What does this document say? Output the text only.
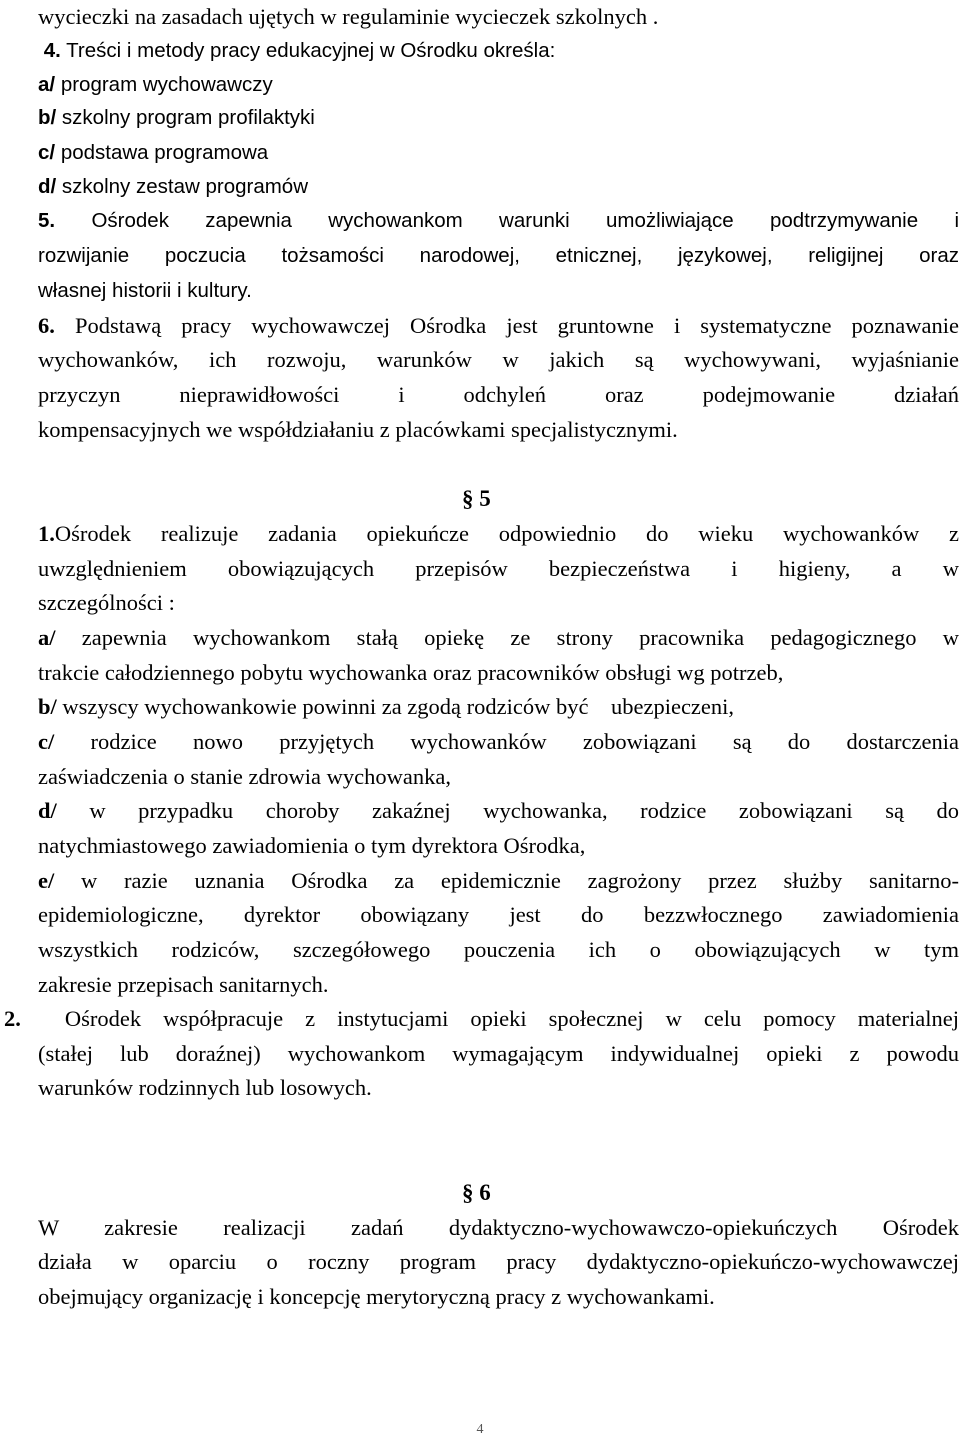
wycieczki na zasadach ujętych w regulaminie wycieczek szkolnych .
4. Treści i metody pracy edukacyjnej w Ośrodku określa:
a/ program wychowawczy
b/ szkolny program profilaktyki
c/ podstawa programowa
d/ szkolny zestaw programów
5. Ośrodek zapewnia wychowankom warunki umożliwiające podtrzymywanie i
rozwijanie poczucia tożsamości narodowej, etnicznej, językowej, religijnej oraz
własnej historii i kultury.
6. Podstawą pracy wychowawczej Ośrodka jest gruntowne i systematyczne poznawanie
wychowanków, ich rozwoju, warunków w jakich są wychowywani, wyjaśnianie
przyczyn nieprawidłowości i odchyleń oraz podejmowanie działań
kompensacyjnych we współdziałaniu z placówkami specjalistycznymi.
§ 5
1.Ośrodek realizuje zadania opiekuńcze odpowiednio do wieku wychowanków z
uwzględnieniem obowiązujących przepisów bezpieczeństwa i higieny, a w
szczególności :
a/ zapewnia wychowankom stałą opiekę ze strony pracownika pedagogicznego w
trakcie całodziennego pobytu wychowanka oraz pracowników obsługi wg potrzeb,
b/ wszyscy wychowankowie powinni za zgodą rodziców być    ubezpieczeni,
c/ rodzice nowo przyjętych wychowanków zobowiązani są do dostarczenia
zaświadczenia o stanie zdrowia wychowanka,
d/ w przypadku choroby zakaźnej wychowanka, rodzice zobowiązani są do
natychmiastowego zawiadomienia o tym dyrektora Ośrodka,
e/ w razie uznania Ośrodka za epidemicznie zagrożony przez służby sanitarno-
epidemiologiczne, dyrektor obowiązany jest do bezzwłocznego zawiadomienia
wszystkich rodziców, szczegółowego pouczenia ich o obowiązujących w tym
zakresie przepisach sanitarnych.
2. Ośrodek współpracuje z instytucjami opieki społecznej w celu pomocy materialnej
(stałej lub doraźnej) wychowankom wymagającym indywidualnej opieki z powodu
warunków rodzinnych lub losowych.
§ 6
W zakresie realizacji zadań dydaktyczno-wychowawczo-opiekuńczych Ośrodek
działa w oparciu o roczny program pracy dydaktyczno-opiekuńczo-wychowawczej
obejmujący organizację i koncepcję merytoryczną pracy z wychowankami.
4
